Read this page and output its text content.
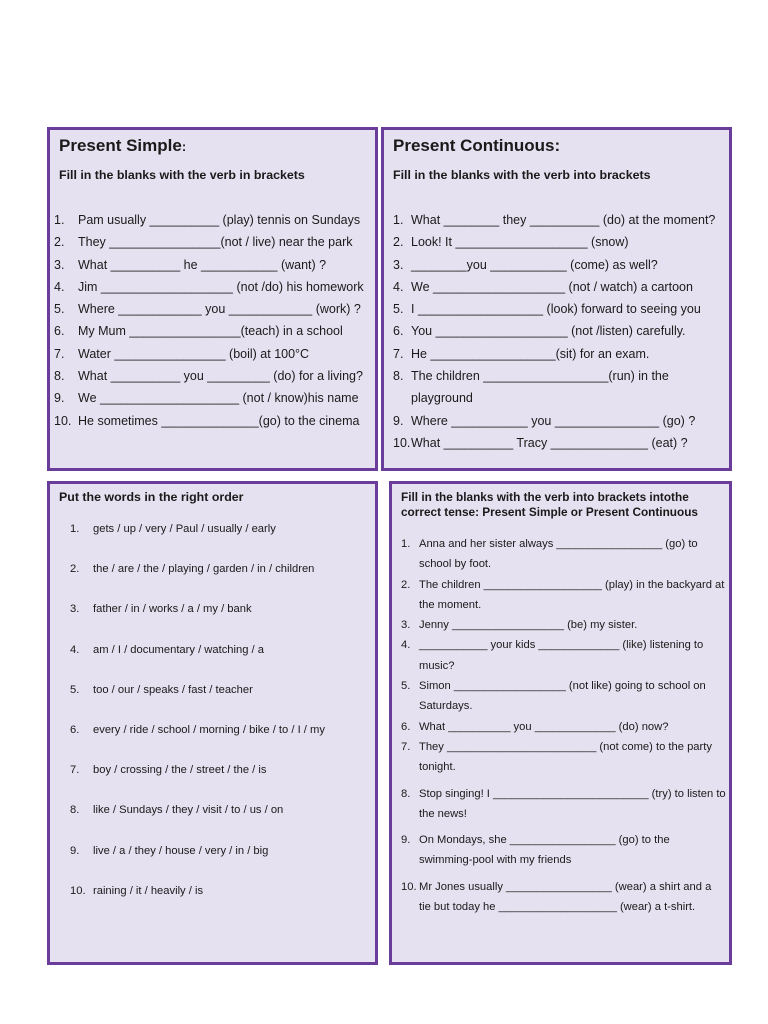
Present Simple:

Fill in the blanks with the verb in brackets

1.	Pam usually __________ (play) tennis on Sundays
2.	They ________________(not / live) near the park
3.	What __________ he ___________ (want) ?
4.	Jim ___________________ (not /do) his homework
5.	Where ____________ you ____________ (work) ?
6.	My Mum ________________(teach) in a school
7.	Water ________________ (boil) at 100°C
8.	What __________ you _________ (do) for a living?
9.	We ____________________ (not / know)his name
10. He sometimes ______________(go) to the cinema
Present Continuous:

Fill in the blanks with the verb into brackets

1. What ________ they __________ (do) at the moment?
2. Look! It ___________________ (snow)
3. ________you ___________ (come) as well?
4. We ___________________ (not / watch) a cartoon
5. I __________________ (look) forward to seeing you
6. You ___________________ (not /listen) carefully.
7. He __________________(sit) for an exam.
8. The children __________________(run) in the
playground
9. Where ___________ you _______________ (go) ?
10. What __________ Tracy ______________ (eat) ?

Put the words in the right order

1.	gets / up / very / Paul / usually / early
2.	the / are / the / playing / garden / in / children
3.	father / in / works / a / my / bank
4.	am / I / documentary / watching / a
5.	too / our / speaks / fast / teacher
6.	every / ride / school / morning / bike / to / I / my
7.	boy / crossing / the / street / the / is
8.	like / Sundays / they / visit / to / us / on
9.	live / a / they / house / very / in / big
10. raining / it / heavily / is

Fill in the blanks with the verb into brackets intothe correct tense: Present Simple or Present Continuous

1. Anna and her sister always _________________ (go) to school by foot.
2. The children ___________________ (play) in the backyard at the moment.
3. Jenny __________________ (be) my sister.
4. ___________ your kids _____________ (like) listening to music?
5. Simon __________________ (not like) going to school on Saturdays.
6. What __________ you _____________ (do) now?
7. They ________________________ (not come) to the party tonight.
8. Stop singing! I _________________________ (try) to listen to the news!
9. On Mondays, she _________________ (go) to the swimming-pool with my friends
10. Mr Jones usually _________________ (wear) a shirt and a tie but today he ___________________ (wear) a t-shirt.
